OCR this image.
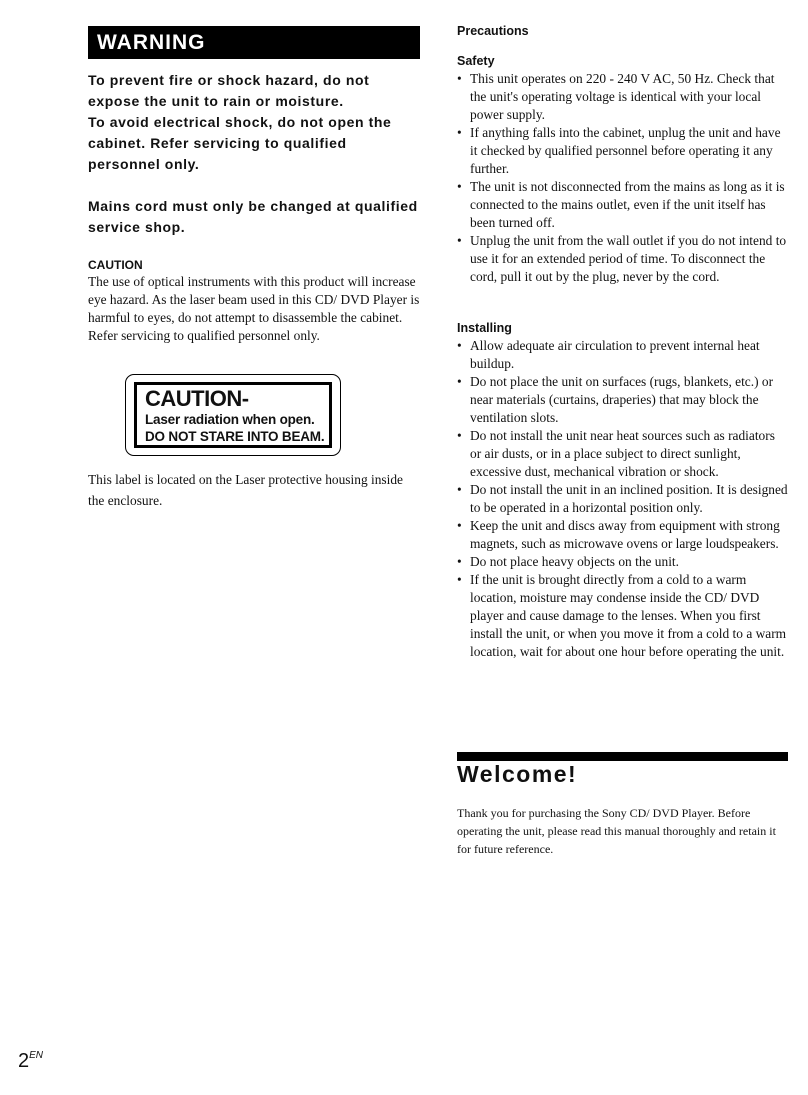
WARNING

To prevent fire or shock hazard, do not expose the unit to rain or moisture.

To avoid electrical shock, do not open the cabinet. Refer servicing to qualified personnel only.

Mains cord must only be changed at qualified service shop.
CAUTION

The use of optical instruments with this product will increase eye hazard. As the laser beam used in this CD/ DVD Player is harmful to eyes, do not attempt to disassemble the cabinet.

Refer servicing to qualified personnel only.

CAUTION-
Laser radiation when open.
DO NOT STARE INTO BEAM.
This label is located on the Laser protective housing inside the enclosure.
Precautions
Safety
• This unit operates on 220 - 240 V AC, 50 Hz. Check that the unit's operating voltage is identical with your local power supply.
• If anything falls into the cabinet, unplug the unit and have it checked by qualified personnel before operating it any further.
• The unit is not disconnected from the mains as long as it is connected to the mains outlet, even if the unit itself has been turned off.
• Unplug the unit from the wall outlet if you do not intend to use it for an extended period of time. To disconnect the cord, pull it out by the plug, never by the cord.
Installing
• Allow adequate air circulation to prevent internal heat buildup.
• Do not place the unit on surfaces (rugs, blankets, etc.) or near materials (curtains, draperies) that may block the ventilation slots.
• Do not install the unit near heat sources such as radiators or air dusts, or in a place subject to direct sunlight, excessive dust, mechanical vibration or shock.
• Do not install the unit in an inclined position. It is designed to be operated in a horizontal position only.
• Keep the unit and discs away from equipment with strong magnets, such as microwave ovens or large loudspeakers.
• Do not place heavy objects on the unit.
• If the unit is brought directly from a cold to a warm location, moisture may condense inside the CD/ DVD player and cause damage to the lenses. When you first install the unit, or when you move it from a cold to a warm location, wait for about one hour before operating the unit.
Welcome!
Thank you for purchasing the Sony CD/ DVD Player. Before operating the unit, please read this manual thoroughly and retain it for future reference.
$2^{EN}$
